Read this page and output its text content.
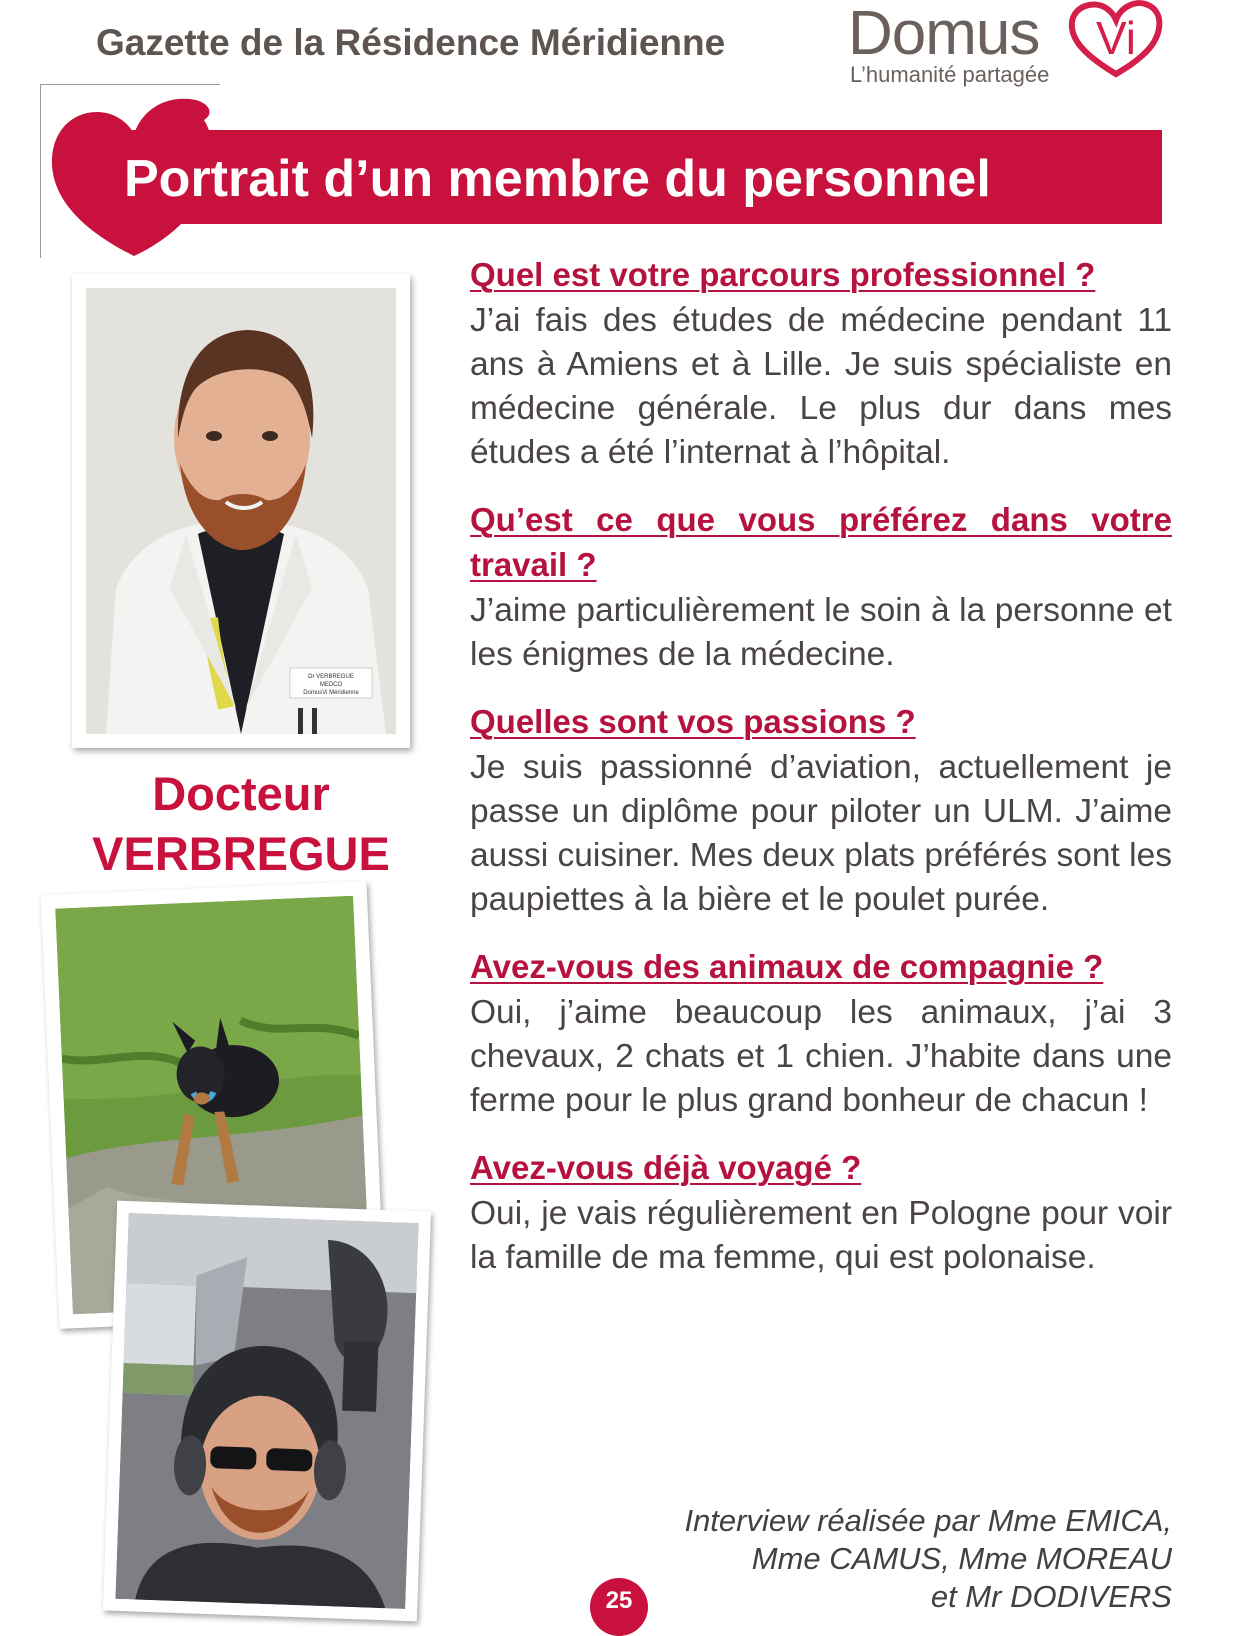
Gazette de la Résidence Méridienne Domus Vi
L’humanité partagée
Portrait d’un membre du personnel
Dr VERBREGUE
MEDCO
DomusVi Méridienne
Docteur
VERBREGUE

Quel est votre parcours professionnel ?

J’ai fais des études de médecine pendant 11 ans à Amiens et à Lille. Je suis spécialiste en médecine générale. Le plus dur dans mes études a été l’internat à l’hôpital.

Qu’est ce que vous préférez dans votre travail ?

J’aime particulièrement le soin à la personne et les énigmes de la médecine.

Quelles sont vos passions ?

Je suis passionné d’aviation, actuellement je passe un diplôme pour piloter un ULM. J’aime aussi cuisiner. Mes deux plats préférés sont les paupiettes à la bière et le poulet purée.

Avez-vous des animaux de compagnie ?

Oui, j’aime beaucoup les animaux, j’ai 3 chevaux, 2 chats et 1 chien. J’habite dans une ferme pour le plus grand bonheur de chacun !

Avez-vous déjà voyagé ?

Oui, je vais régulièrement en Pologne pour voir la famille de ma femme, qui est polonaise.

Interview réalisée par Mme EMICA,
Mme CAMUS, Mme MOREAU
et Mr DODIVERS
25
